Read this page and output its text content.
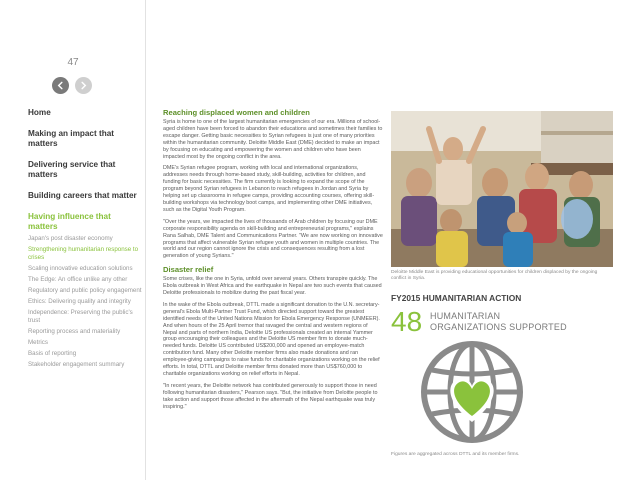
47
Home
Making an impact that matters
Delivering service that matters
Building careers that matter
Having influence that matters
Japan's post disaster economy
Strengthening humanitarian response to crises
Scaling innovative education solutions
The Edge: An office unlike any other
Regulatory and public policy engagement
Ethics: Delivering quality and integrity
Independence: Preserving the public's trust
Reporting process and materiality
Metrics
Basis of reporting
Stakeholder engagement summary
Reaching displaced women and children

Syria is home to one of the largest humanitarian emergencies of our era. Millions of school-aged children have been forced to abandon their educations and sometimes their families to escape danger. Getting basic necessities to Syrian refugees is just one of many priorities within the humanitarian community. Deloitte Middle East (DME) decided to make an impact by focusing on educating and empowering the women and children who have been impacted most by the ongoing conflict in the area.

DME's Syrian refugee program, working with local and international organizations, addresses needs through home-based study, skill-building, activities for children, and funding for basic necessities. The firm currently is looking to expand the scope of the program beyond Syrian refugees in Lebanon to reach refugees in Jordan and Syria by helping set up classrooms in refugee camps, providing accounting courses, offering skill-building workshops via technology boot camps, and implementing other DME initiatives, such as the Digital Youth Program.

"Over the years, we impacted the lives of thousands of Arab children by focusing our DME corporate responsibility agenda on skill-building and entrepreneurial programs," explains Rana Salhab, DME Talent and Communications Partner. "We are now working on innovative programs that affect vulnerable Syrian refugee youth and women in multiple countries. The world and our region cannot ignore the crisis and consequences resulting from a lost generation of young Syrians."

Disaster relief

Some crises, like the one in Syria, unfold over several years. Others transpire quickly. The Ebola outbreak in West Africa and the earthquake in Nepal are two such events that caused Deloitte professionals to mobilize during the past fiscal year.

In the wake of the Ebola outbreak, DTTL made a significant donation to the U.N. secretary-general's Ebola Multi-Partner Trust Fund, which directed support toward the greatest identified needs of the United Nations Mission for Ebola Emergency Response (UNMEER). And when hours of the 25 April tremor that ravaged the central and western regions of Nepal and parts of northern India, Deloitte US professionals created an internal Yammer group encouraging their colleagues and the Deloitte US member firm to donate much-needed funds. Deloitte US contributed US$200,000 and opened an employee-match contribution fund. Many other Deloitte member firms also made donations and ran employee-giving campaigns to raise funds for charitable organizations working on the relief efforts. In total, DTTL and Deloitte member firms donated more than US$760,000 to charitable organizations working on relief efforts in Nepal.

"In recent years, the Deloitte network has contributed generously to support those in need following humanitarian disasters," Pearson says. "But, the initiative from Deloitte people to take action and support those affected in the aftermath of the Nepal earthquake was truly inspiring."

Deloitte Middle East is providing educational opportunities for children displaced by the ongoing conflict in Syria.
FY2015 HUMANITARIAN ACTION
48 HUMANITARIAN
ORGANIZATIONS SUPPORTED
Figures are aggregated across DTTL and its member firms.
